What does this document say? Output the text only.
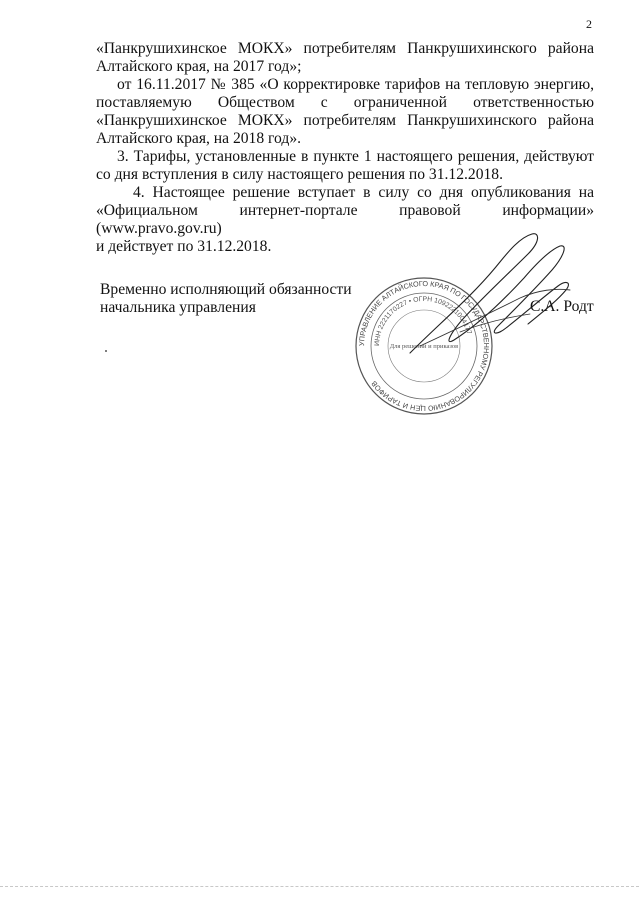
2

«Панкрушихинское МОКХ» потребителям Панкрушихинского района
Алтайского края, на 2017 год»;

от 16.11.2017 № 385 «О корректировке тарифов на тепловую энергию,
поставляемую Обществом с ограниченной ответственностью
«Панкрушихинское МОКХ» потребителям Панкрушихинского района
Алтайского края, на 2018 год».

3. Тарифы, установленные в пункте 1 настоящего решения, действуют
со дня вступления в силу настоящего решения по 31.12.2018.

4. Настоящее решение вступает в силу со дня опубликования на
«Официальном интернет-портале правовой информации» (www.pravo.gov.ru)
и действует по 31.12.2018.

Временно исполняющий обязанности
начальника управления
УПРАВЛЕНИЕ АЛТАЙСКОГО КРАЯ ПО ГОСУДАРСТВЕННОМУ РЕГУЛИРОВАНИЮ ЦЕН И ТАРИФОВ
ИНН 2221170227 • ОГРН 1092221004177
Для решений и приказов
С.А. Родт
